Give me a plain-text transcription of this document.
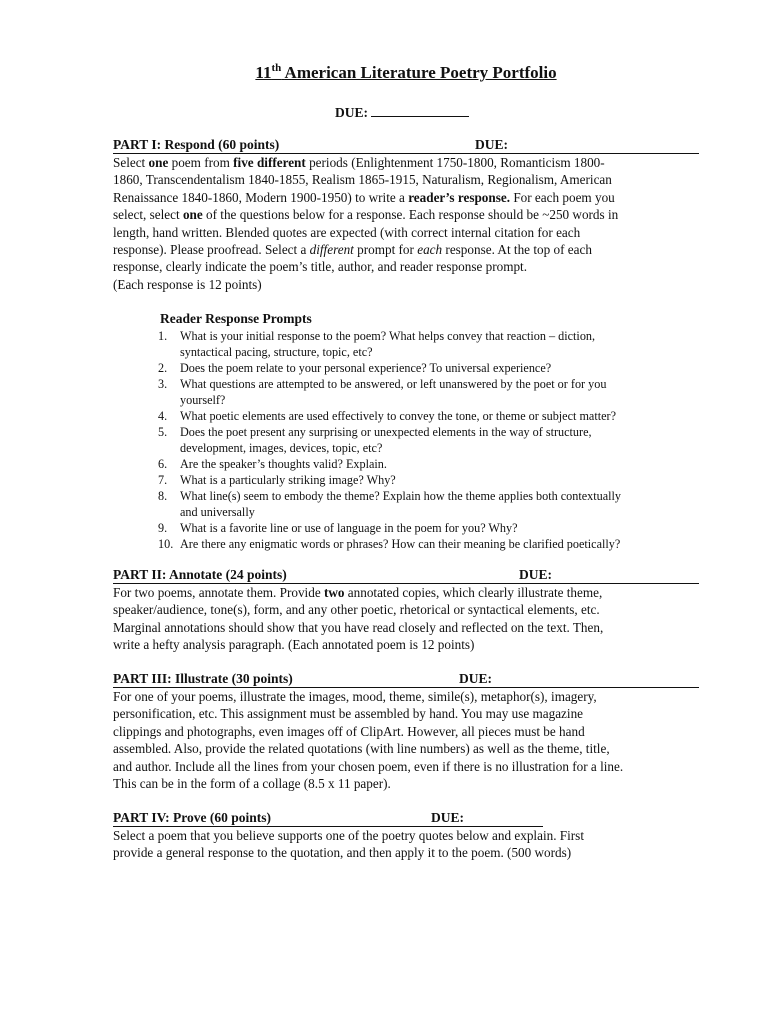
11th American Literature Poetry Portfolio
DUE:
PART I: Respond (60 points)	DUE:

Select one poem from five different periods (Enlightenment 1750-1800, Romanticism 1800-
1860, Transcendentalism 1840-1855, Realism 1865-1915, Naturalism, Regionalism, American
Renaissance 1840-1860, Modern 1900-1950) to write a reader’s response. For each poem you
select, select one of the questions below for a response. Each response should be ~250 words in
length, hand written. Blended quotes are expected (with correct internal citation for each
response). Please proofread. Select a different prompt for each response. At the top of each
response, clearly indicate the poem’s title, author, and reader response prompt.
(Each response is 12 points)

Reader Response Prompts
1.	What is your initial response to the poem? What helps convey that reaction – diction,
syntactical pacing, structure, topic, etc?
2.	Does the poem relate to your personal experience? To universal experience?
3.	What questions are attempted to be answered, or left unanswered by the poet or for you
yourself?
4.	What poetic elements are used effectively to convey the tone, or theme or subject matter?
5.	Does the poet present any surprising or unexpected elements in the way of structure,
development, images, devices, topic, etc?
6.	Are the speaker’s thoughts valid? Explain.
7.	What is a particularly striking image? Why?
8.	What line(s) seem to embody the theme? Explain how the theme applies both contextually
and universally
9.	What is a favorite line or use of language in the poem for you? Why?
10. Are there any enigmatic words or phrases? How can their meaning be clarified poetically?
PART II: Annotate (24 points)	DUE:

For two poems, annotate them. Provide two annotated copies, which clearly illustrate theme,
speaker/audience, tone(s), form, and any other poetic, rhetorical or syntactical elements, etc.
Marginal annotations should show that you have read closely and reflected on the text. Then,
write a hefty analysis paragraph. (Each annotated poem is 12 points)

PART III: Illustrate (30 points)	DUE:

For one of your poems, illustrate the images, mood, theme, simile(s), metaphor(s), imagery,
personification, etc. This assignment must be assembled by hand. You may use magazine
clippings and photographs, even images off of ClipArt. However, all pieces must be hand
assembled. Also, provide the related quotations (with line numbers) as well as the theme, title,
and author. Include all the lines from your chosen poem, even if there is no illustration for a line.
This can be in the form of a collage (8.5 x 11 paper).

PART IV: Prove (60 points)	DUE:

Select a poem that you believe supports one of the poetry quotes below and explain. First
provide a general response to the quotation, and then apply it to the poem. (500 words)
